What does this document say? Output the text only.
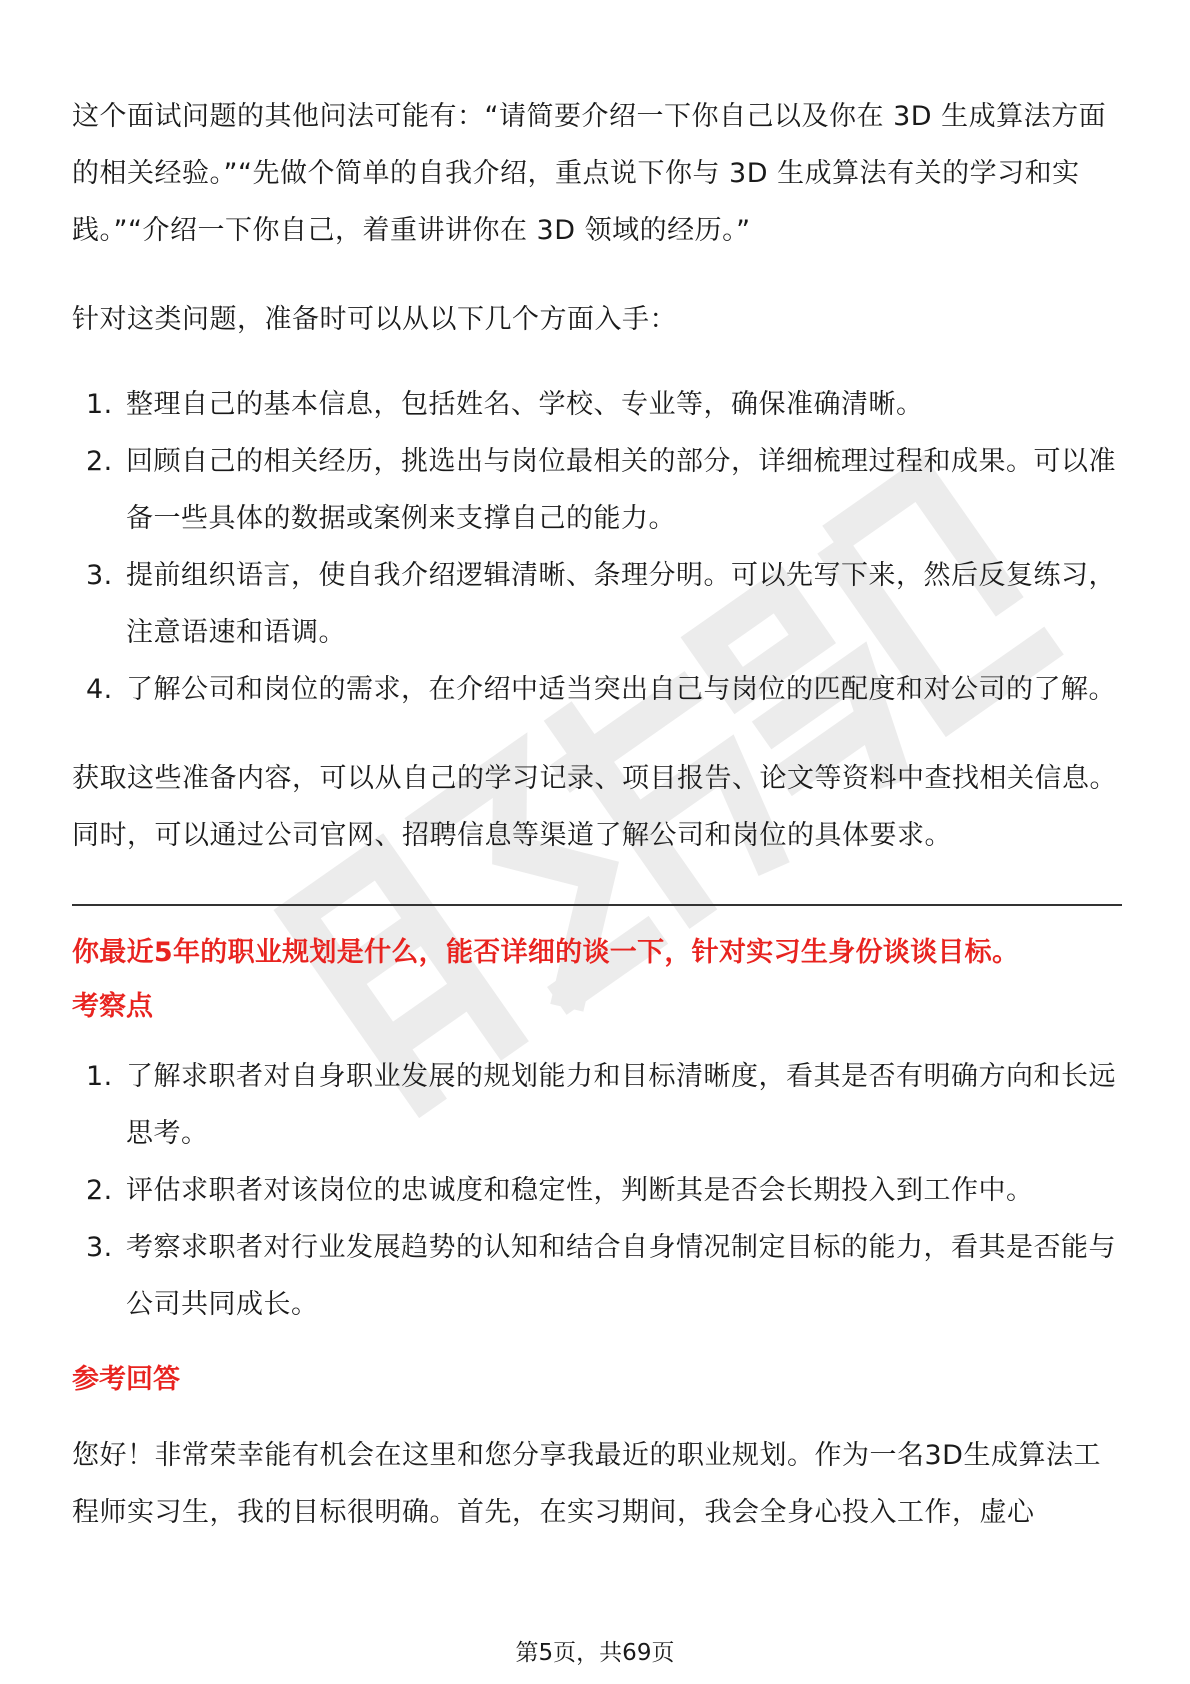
这个面试问题的其他问法可能有：“请简要介绍一下你自己以及你在 3D 生成算法方面的相关经验。”“先做个简单的自我介绍，重点说下你与 3D 生成算法有关的学习和实践。”“介绍一下你自己，着重讲讲你在 3D 领域的经历。”

针对这类问题，准备时可以从以下几个方面入手：

1. 整理自己的基本信息，包括姓名、学校、专业等，确保准确清晰。
2. 回顾自己的相关经历，挑选出与岗位最相关的部分，详细梳理过程和成果。可以准备一些具体的数据或案例来支撑自己的能力。
3. 提前组织语言，使自我介绍逻辑清晰、条理分明。可以先写下来，然后反复练习，注意语速和语调。
4. 了解公司和岗位的需求，在介绍中适当突出自己与岗位的匹配度和对公司的了解。

获取这些准备内容，可以从自己的学习记录、项目报告、论文等资料中查找相关信息。同时，可以通过公司官网、招聘信息等渠道了解公司和岗位的具体要求。

你最近5年的职业规划是什么，能否详细的谈一下，针对实习生身份谈谈目标。

考察点

1. 了解求职者对自身职业发展的规划能力和目标清晰度，看其是否有明确方向和长远思考。
2. 评估求职者对该岗位的忠诚度和稳定性，判断其是否会长期投入到工作中。
3. 考察求职者对行业发展趋势的认知和结合自身情况制定目标的能力，看其是否能与公司共同成长。

参考回答

您好！非常荣幸能有机会在这里和您分享我最近的职业规划。作为一名3D生成算法工程师实习生，我的目标很明确。首先，在实习期间，我会全身心投入工作，虚心

第5页，共69页
